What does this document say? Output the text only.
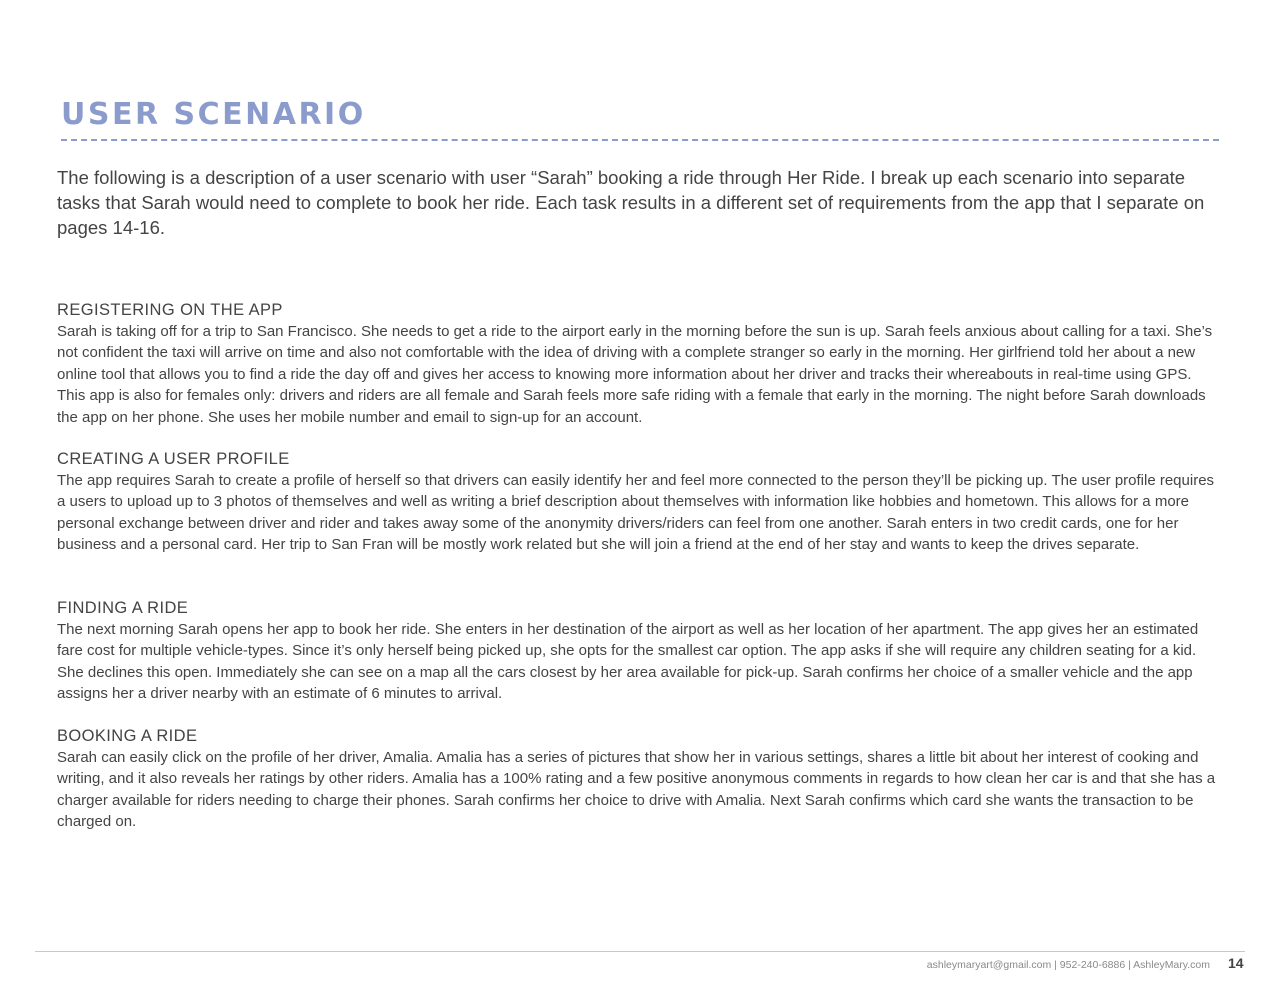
USER SCENARIO

The following is a description of a user scenario with user “Sarah” booking a ride through Her Ride. I break up each scenario into separate tasks that Sarah would need to complete to book her ride. Each task results in a different set of requirements from the app that I separate on pages 14-16.

REGISTERING ON THE APP

Sarah is taking off for a trip to San Francisco. She needs to get a ride to the airport early in the morning before the sun is up. Sarah feels anxious about calling for a taxi. She’s not confident the taxi will arrive on time and also not comfortable with the idea of driving with a complete stranger so early in the morning. Her girlfriend told her about a new online tool that allows you to find a ride the day off and gives her access to knowing more information about her driver and tracks their whereabouts in real-time using GPS. This app is also for females only: drivers and riders are all female and Sarah feels more safe riding with a female that early in the morning. The night before Sarah downloads the app on her phone. She uses her mobile number and email to sign-up for an account.

CREATING A USER PROFILE

The app requires Sarah to create a profile of herself so that drivers can easily identify her and feel more connected to the person they’ll be picking up. The user profile requires a users to upload up to 3 photos of themselves and well as writing a brief description about themselves with information like hobbies and hometown. This allows for a more personal exchange between driver and rider and takes away some of the anonymity drivers/riders can feel from one another. Sarah enters in two credit cards, one for her business and a personal card. Her trip to San Fran will be mostly work related but she will join a friend at the end of her stay and wants to keep the drives separate.

FINDING A RIDE

The next morning Sarah opens her app to book her ride. She enters in her destination of the airport as well as her location of her apartment. The app gives her an estimated fare cost for multiple vehicle-types. Since it’s only herself being picked up, she opts for the smallest car option. The app asks if she will require any children seating for a kid. She declines this open. Immediately she can see on a map all the cars closest by her area available for pick-up. Sarah confirms her choice of a smaller vehicle and the app assigns her a driver nearby with an estimate of 6 minutes to arrival.

BOOKING A RIDE

Sarah can easily click on the profile of her driver, Amalia. Amalia has a series of pictures that show her in various settings, shares a little bit about her interest of cooking and writing, and it also reveals her ratings by other riders. Amalia has a 100% rating and a few positive anonymous comments in regards to how clean her car is and that she has a charger available for riders needing to charge their phones. Sarah confirms her choice to drive with Amalia. Next Sarah confirms which card she wants the transaction to be charged on.

ashleymaryart@gmail.com | 952-240-6886 | AshleyMary.com 14
